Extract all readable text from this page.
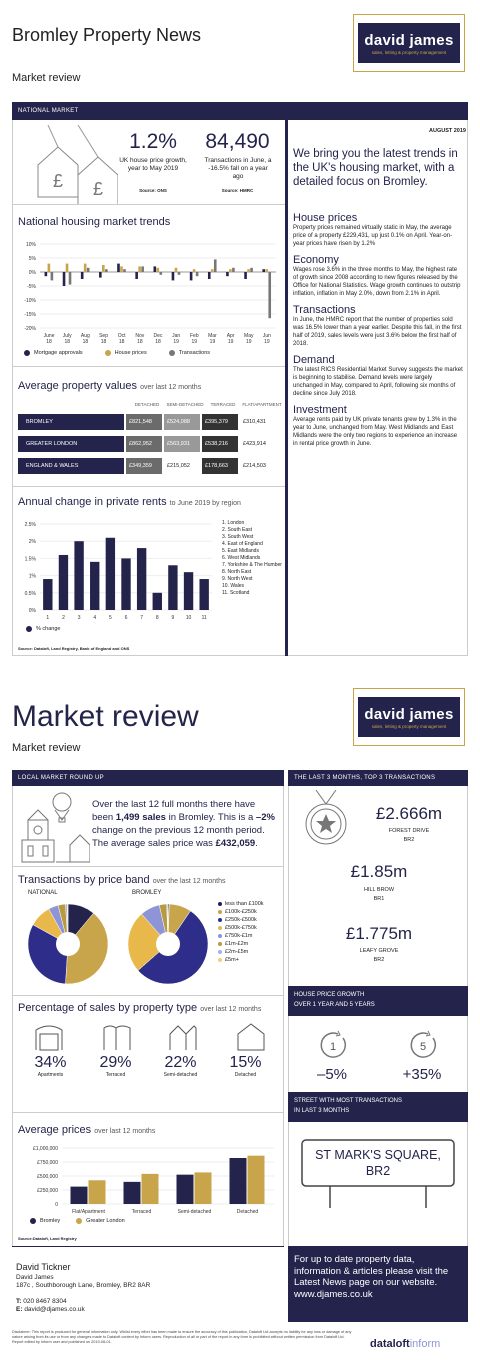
Bromley Property News
Market review
david james
sales, letting & property management
NATIONAL MARKET
£ £
1.2%
UK house price growth, year to May 2019
Source: ONS
84,490
Transactions in June, a -16.5% fall on a year ago
Source: HMRC
National housing market trends
10%
5%
0%
-5%
-10%
-15%
-20%
June
18
July
18
Aug
18
Sep
18
Oct
18
Nov
18
Dec
18
Jan
19
Feb
19
Mar
19
Apr
19
May
19
Jun
19
Mortgage approvals	House prices	Transactions
Average property values over last 12 months
DETACHED	SEMI-DETACHED	TERRACED	FLAT/APARTMENT
BROMLEY	£821,548	£524,088	£395,379	£310,431
GREATER LONDON	£862,952	£563,931	£538,216	£423,914
ENGLAND & WALES	£349,359	£215,052	£178,663	£214,503
Annual change in private rents to June 2019 by region
2.5%
2%
1.5%
1%
0.5%
0%
1	2	3	4	5	6	7	8	9 10 11
1. London
2. South East
3. South West
4. East of England
5. East Midlands
6. West Midlands
7. Yorkshire & The Humber
8. North East
9. North West
10. Wales
11. Scotland
% change
Source: Dataloft, Land Registry, Bank of England and ONS
AUGUST 2019
We bring you the latest trends in the UK's housing market, with a detailed focus on Bromley.
House prices
Property prices remained virtually static in May, the average price of a property £229,431, up just 0.1% on April. Year-on-year prices have risen by 1.2%
Economy
Wages rose 3.6% in the three months to May, the highest rate of growth since 2008 according to new figures released by the Office for National Statistics. Wage growth continues to outstrip inflation, inflation in May 2.0%, down from 2.1% in April.
Transactions
In June, the HMRC report that the number of properties sold was 16.5% lower than a year earlier. Despite this fall, in the first half of 2019, sales levels were just 3.6% below the first half of 2018.
Demand
The latest RICS Residential Market Survey suggests the market is beginning to stabilise. Demand levels were largely unchanged in May, compared to April, following six months of decline since July 2018.
Investment
Average rents paid by UK private tenants grew by 1.3% in the year to June, unchanged from May. West Midlands and East Midlands were the only two regions to experience an increase in rental price growth in June.
Market review
Market review
david james
sales, letting & property management
LOCAL MARKET ROUND UP	THE LAST 3 MONTHS, TOP 3 TRANSACTIONS
Over the last 12 full months there have been 1,499 sales in Bromley. This is a –2% change on the previous 12 month period. The average sales price was £432,059.
Transactions by price band over the last 12 months
NATIONAL	BROMLEY
less than £100k
£100k-£250k
£250k-£500k
£500k-£750k
£750k-£1m
£1m-£2m
£2m-£5m
£5m+
Percentage of sales by property type over last 12 months
34%
Apartments
29%
Terraced
22%
Semi-detached
15%
Detached
Average prices over last 12 months
£1,000,000
£750,000
£500,000
£250,000
0
Flat/Apartment	Terraced	Semi-detached	Detached
Bromley	Greater London
Source:Dataloft, Land Registry
£2.666m
FOREST DRIVE
BR2
£1.85m
HILL BROW
BR1
£1.775m
LEAFY GROVE
BR2
HOUSE PRICE GROWTH
OVER 1 YEAR AND 5 YEARS
1	5
–5%	+35%
STREET WITH MOST TRANSACTIONS
IN LAST 3 MONTHS
ST MARK'S SQUARE,
BR2
David Tickner
David James
187c , Southborough Lane, Bromley, BR2 8AR
T: 020 8467 8304
E: david@djames.co.uk
For up to date property data, information & articles please visit the Latest News page on our website. www.djames.co.uk
Disclaimer: This report is produced for general information only. Whilst every effort has been made to ensure the accuracy of this publication, Dataloft Ltd accepts no liability for any loss or damage of any nature arising from its use or from any changes made to Dataloft content by Inform users. Reproduction of all or part of the report in any form is prohibited without written permission from Dataloft Ltd. Report edited by Inform user and published on 2019-08-01.	dataloftinform
